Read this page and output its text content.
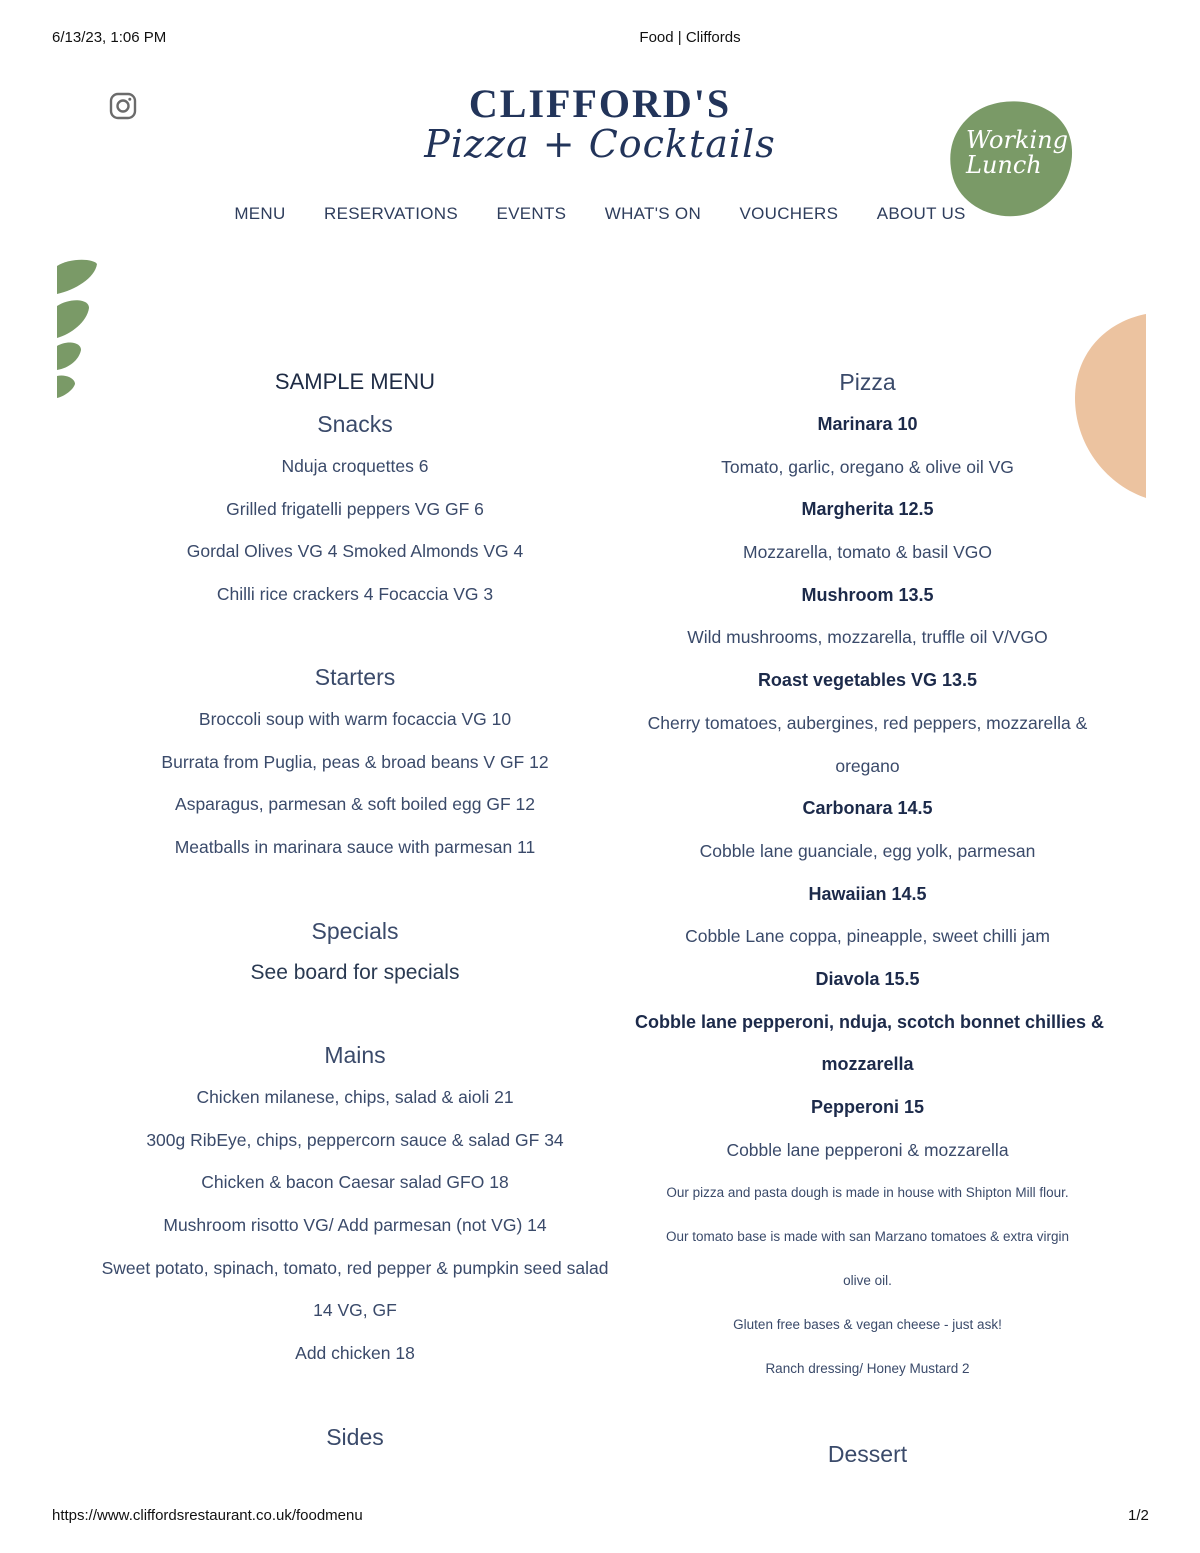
6/13/23, 1:06 PM	Food | Cliffords
CLIFFORD'S
Pizza + Cocktails	Working
Lunch
MENU RESERVATIONS EVENTS WHAT'S ON VOUCHERS ABOUT US
SAMPLE MENU
Snacks
Nduja croquettes 6
Grilled frigatelli peppers VG GF 6
Gordal Olives VG 4 Smoked Almonds VG 4
Chilli rice crackers 4 Focaccia VG 3
Starters
Broccoli soup with warm focaccia VG 10
Burrata from Puglia, peas & broad beans V GF 12
Asparagus, parmesan & soft boiled egg GF 12
Meatballs in marinara sauce with parmesan 11
Specials
See board for specials
Mains
Chicken milanese, chips, salad & aioli 21
300g RibEye, chips, peppercorn sauce & salad GF 34
Chicken & bacon Caesar salad GFO 18
Mushroom risotto VG/ Add parmesan (not VG) 14
Sweet potato, spinach, tomato, red pepper & pumpkin seed salad
14 VG, GF
Add chicken 18
Sides
Pizza
Marinara 10
Tomato, garlic, oregano & olive oil VG
Margherita 12.5
Mozzarella, tomato & basil VGO
Mushroom 13.5
Wild mushrooms, mozzarella, truffle oil V/VGO
Roast vegetables VG 13.5
Cherry tomatoes, aubergines, red peppers, mozzarella &
oregano
Carbonara 14.5
Cobble lane guanciale, egg yolk, parmesan
Hawaiian 14.5
Cobble Lane coppa, pineapple, sweet chilli jam
Diavola 15.5
Cobble lane pepperoni, nduja, scotch bonnet chillies &
mozzarella
Pepperoni 15
Cobble lane pepperoni & mozzarella
Our pizza and pasta dough is made in house with Shipton Mill flour.
Our tomato base is made with san Marzano tomatoes & extra virgin
olive oil.
Gluten free bases & vegan cheese - just ask!
Ranch dressing/ Honey Mustard 2
Dessert
https://www.cliffordsrestaurant.co.uk/foodmenu	1/2
